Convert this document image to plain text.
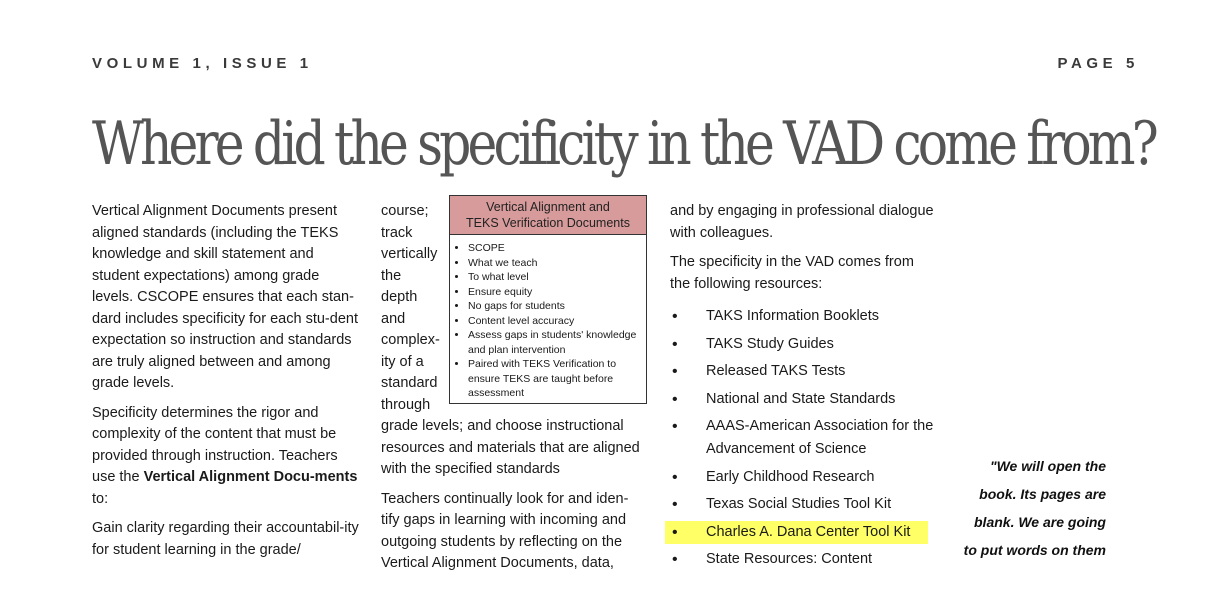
VOLUME 1, ISSUE 1	PAGE 5
Where did the specificity in the VAD come from?

Vertical Alignment Documents present aligned standards (including the TEKS knowledge and skill statement and student expectations) among grade levels. CSCOPE ensures that each stan-dard includes specificity for each stu-dent expectation so instruction and standards are truly aligned between and among grade levels.

Specificity determines the rigor and complexity of the content that must be provided through instruction. Teachers use the Vertical Alignment Docu-ments to:

Gain clarity regarding their accountabil-ity for student learning in the grade/

course;
track
vertically
the
depth
and
complex-
ity of a
standard
through

grade levels; and choose instructional resources and materials that are aligned with the specified standards

Teachers continually look for and iden-tify gaps in learning with incoming and outgoing students by reflecting on the Vertical Alignment Documents, data,

Vertical Alignment and
TEKS Verification Documents
• SCOPE
• What we teach
• To what level
• Ensure equity
• No gaps for students
• Content level accuracy
• Assess gaps in students' knowledge and plan intervention
• Paired with TEKS Verification to ensure TEKS are taught before assessment

and by engaging in professional dialogue with colleagues.

The specificity in the VAD comes from the following resources:

• TAKS Information Booklets
• TAKS Study Guides
• Released TAKS Tests
• National and State Standards
• AAAS-American Association for the Advancement of Science
• Early Childhood Research
• Texas Social Studies Tool Kit
• Charles A. Dana Center Tool Kit
• State Resources: Content

"We will open the book. Its pages are blank. We are going to put words on them
